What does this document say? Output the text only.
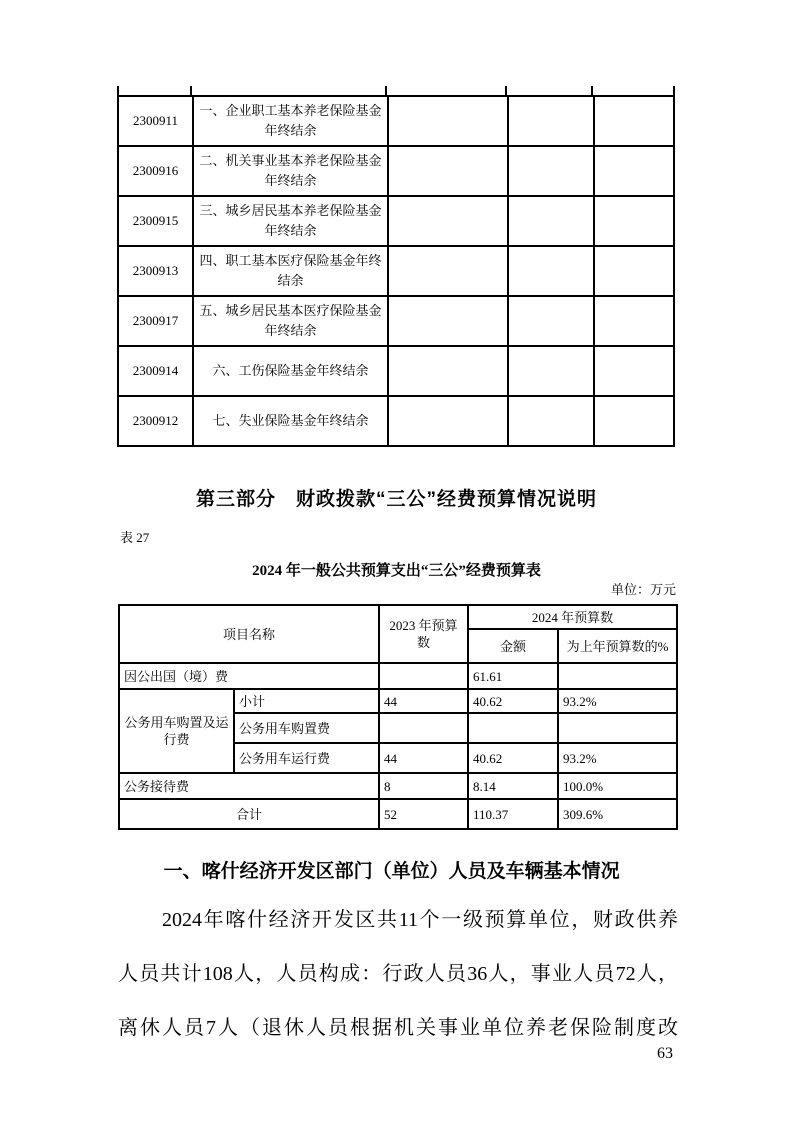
2300911	一、企业职工基本养老保险基金年终结余			
2300916	二、机关事业基本养老保险基金年终结余			
2300915	三、城乡居民基本养老保险基金年终结余			
2300913	四、职工基本医疗保险基金年终结余			
2300917	五、城乡居民基本医疗保险基金年终结余			
2300914	六、工伤保险基金年终结余			
2300912	七、失业保险基金年终结余			
第三部分　财政拨款“三公”经费预算情况说明
表 27
2024 年一般公共预算支出“三公”经费预算表
单位：万元
项目名称		2023 年预算数	2024 年预算数	
			金额	为上年预算数的%
因公出国（境）费			61.61	
公务用车购置及运行费	小计	44	40.62	93.2%
	公务用车购置费			
	公务用车运行费	44	40.62	93.2%
公务接待费		8	8.14	100.0%
合计		52	110.37	309.6%
一、喀什经济开发区部门（单位）人员及车辆基本情况
2024年喀什经济开发区共11个一级预算单位，财政供养
人员共计108人，人员构成：行政人员36人，事业人员72人，
离休人员7人（退休人员根据机关事业单位养老保险制度改
63
